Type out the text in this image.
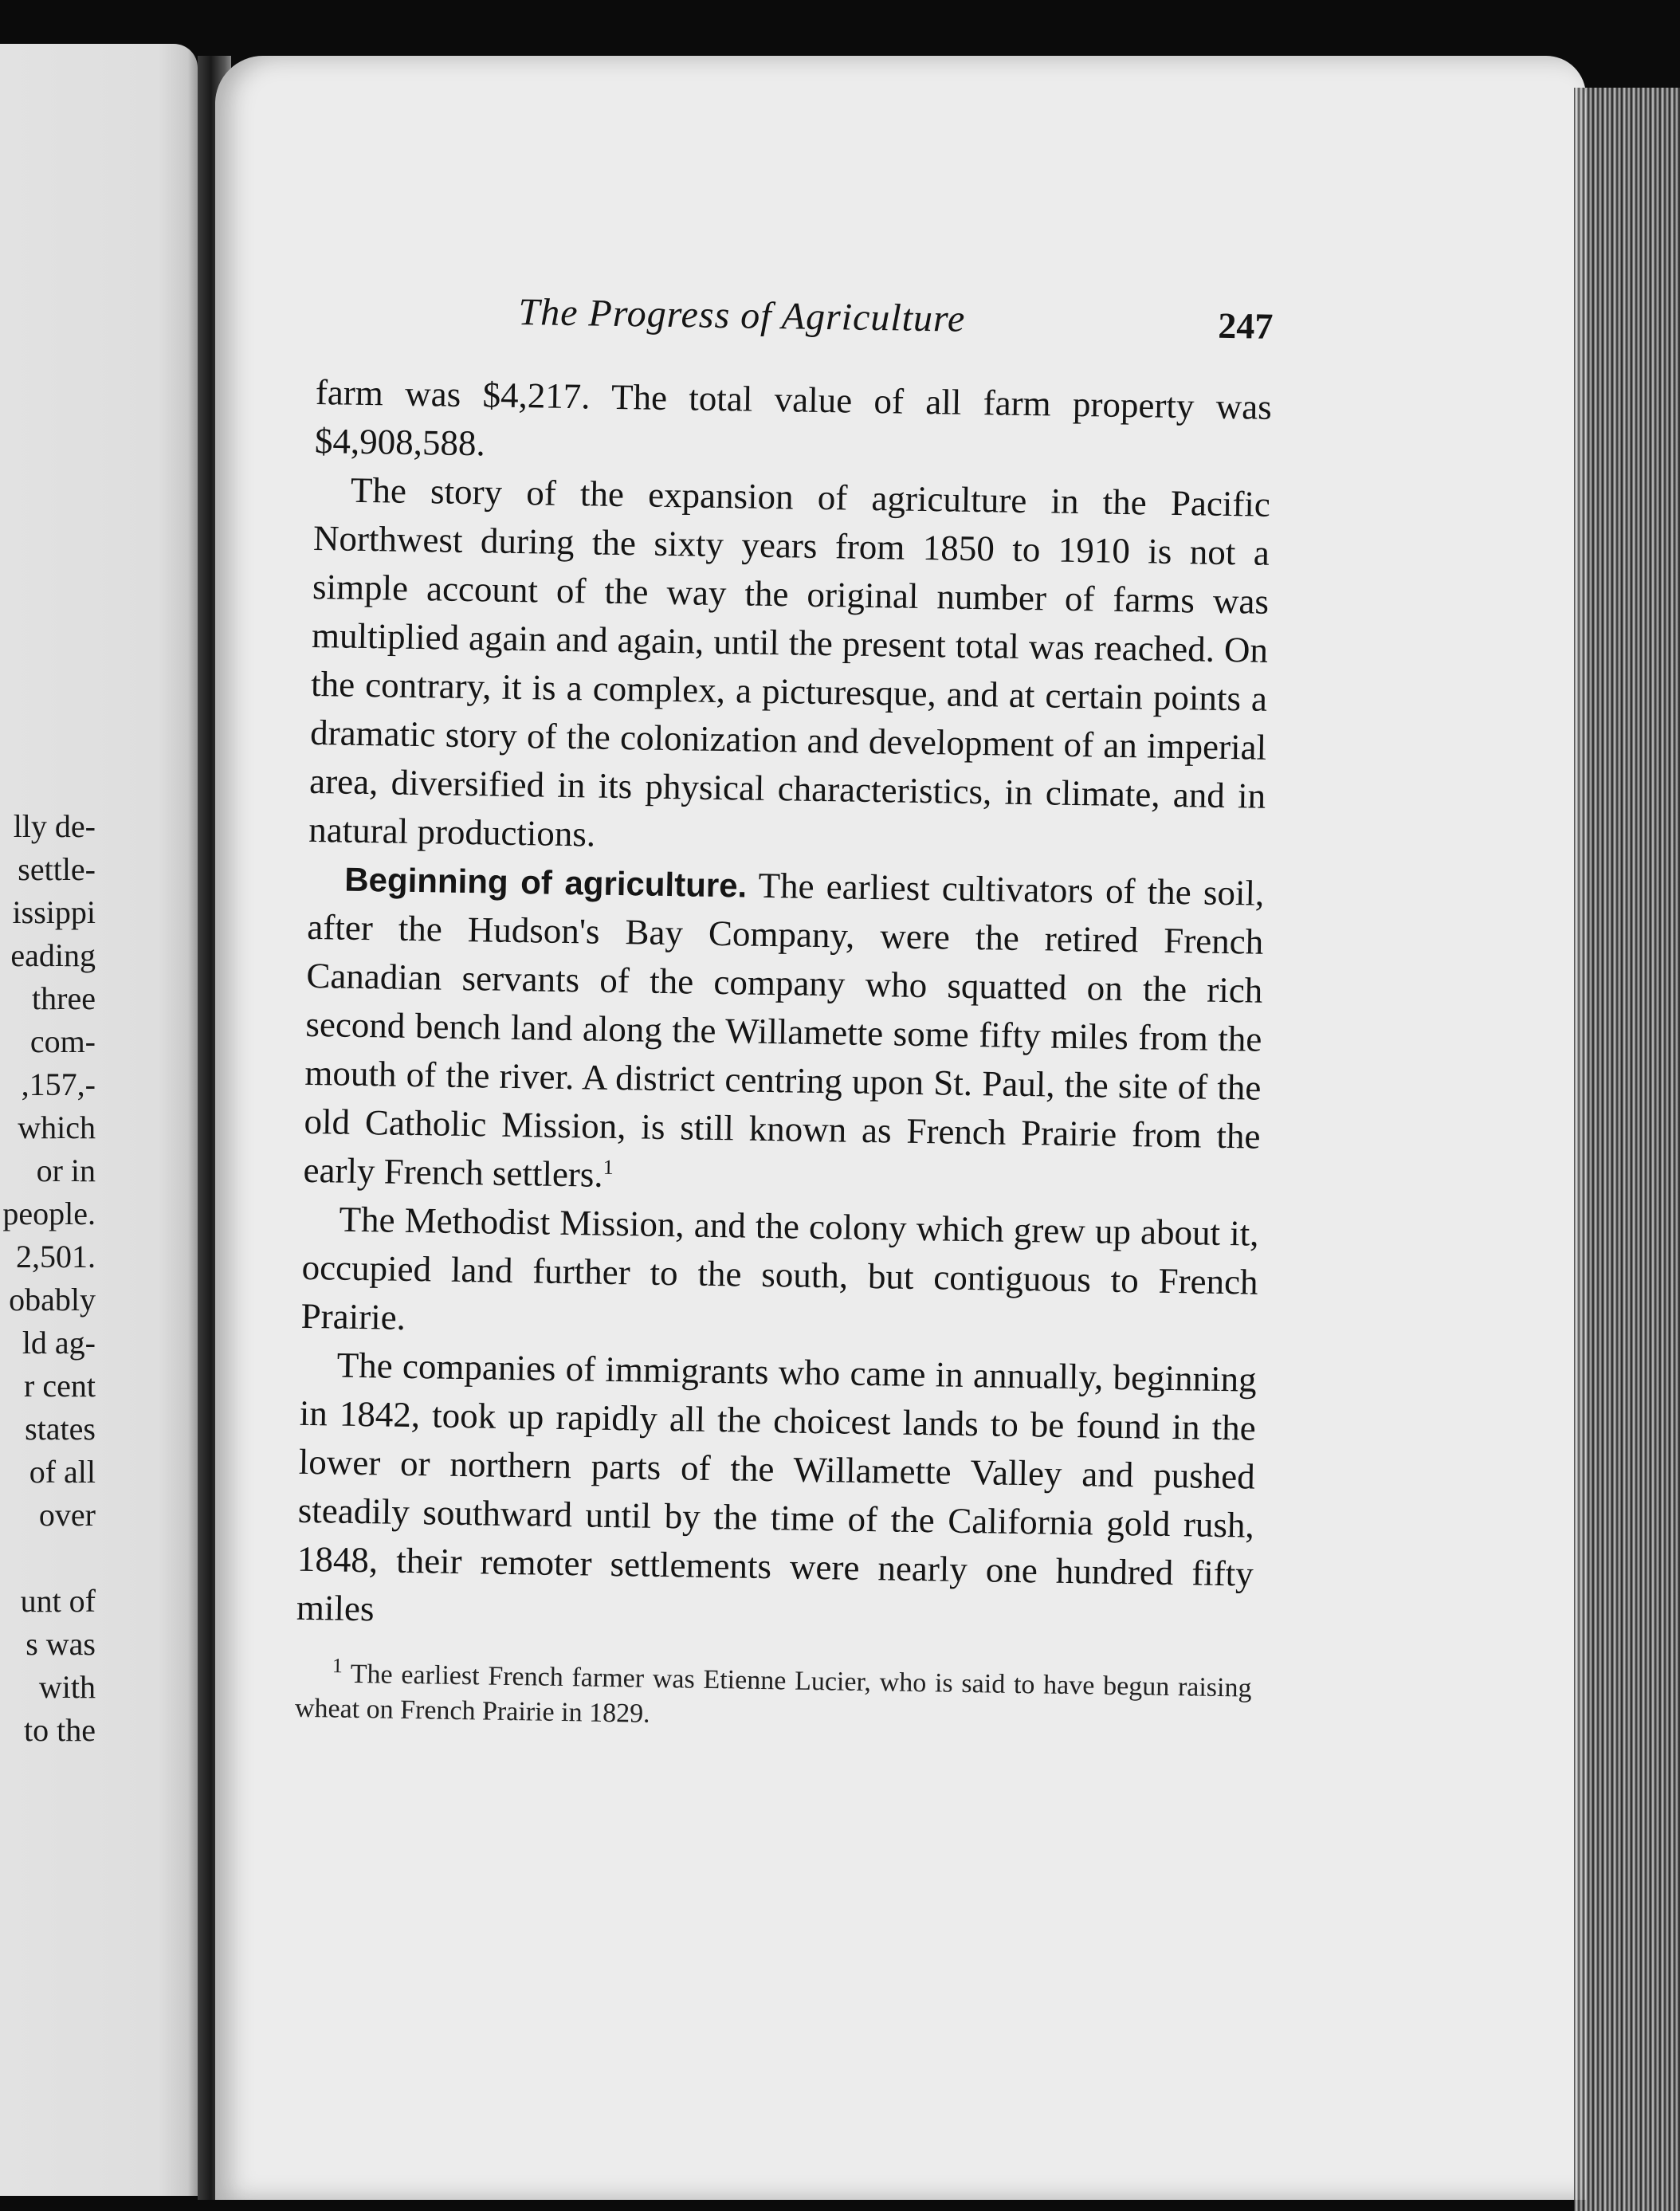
lly de-
settle-
issippi
eading
three
com-
,157,-
which
or in
people.
2,501.
obably
ld ag-
r cent
states
of all
over
unt of
s was
with
to the
The Progress of Agriculture	247

farm was $4,217. The total value of all farm property was $4,908,588.

The story of the expansion of agriculture in the Pacific Northwest during the sixty years from 1850 to 1910 is not a simple account of the way the original number of farms was multiplied again and again, until the present total was reached. On the contrary, it is a complex, a picturesque, and at certain points a dramatic story of the colonization and development of an imperial area, diversified in its physical characteristics, in climate, and in natural productions.

Beginning of agriculture. The earliest cultivators of the soil, after the Hudson's Bay Company, were the retired French Canadian servants of the company who squatted on the rich second bench land along the Willamette some fifty miles from the mouth of the river. A district centring upon St. Paul, the site of the old Catholic Mission, is still known as French Prairie from the early French settlers.$^1$

The Methodist Mission, and the colony which grew up about it, occupied land further to the south, but contiguous to French Prairie.

The companies of immigrants who came in annually, beginning in 1842, took up rapidly all the choicest lands to be found in the lower or northern parts of the Willamette Valley and pushed steadily southward until by the time of the California gold rush, 1848, their remoter settlements were nearly one hundred fifty miles

$^1$ The earliest French farmer was Etienne Lucier, who is said to have begun raising wheat on French Prairie in 1829.
